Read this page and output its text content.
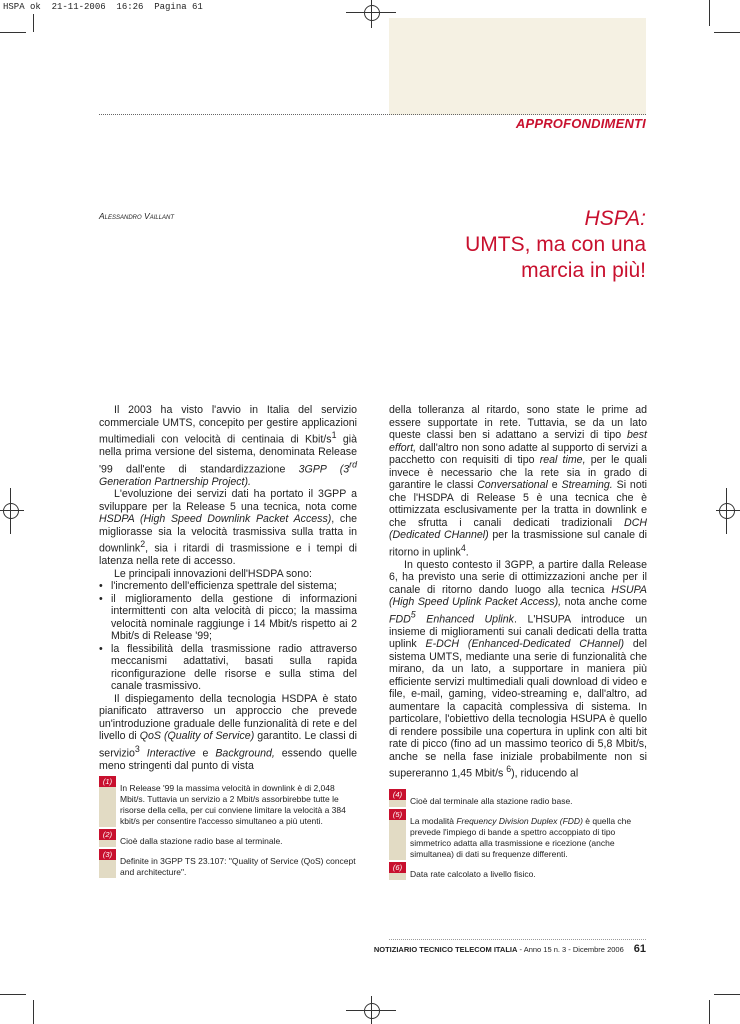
HSPA ok  21-11-2006  16:26  Pagina 61
APPROFONDIMENTI
Alessandro Vaillant	HSPA:
UMTS, ma con una
marcia in più!

Il 2003 ha visto l'avvio in Italia del servizio commerciale UMTS, concepito per gestire applicazioni multimediali con velocità di centinaia di Kbit/$s^1$ già nella prima versione del sistema, denominata Release '99 dall'ente di standardizzazione 3GPP (3rd Generation Partnership Project).

L'evoluzione dei servizi dati ha portato il 3GPP a sviluppare per la Release 5 una tecnica, nota come HSDPA (High Speed Downlink Packet Access), che migliorasse sia la velocità trasmissiva sulla tratta in downlink$^2$, sia i ritardi di trasmissione e i tempi di latenza nella rete di accesso.

Le principali innovazioni dell'HSDPA sono:

• l'incremento dell'efficienza spettrale del sistema;
• il miglioramento della gestione di informazioni intermittenti con alta velocità di picco; la massima velocità nominale raggiunge i 14 Mbit/s rispetto ai 2 Mbit/s di Release '99;
• la flessibilità della trasmissione radio attraverso meccanismi adattativi, basati sulla rapida riconfigurazione delle risorse e sulla stima del canale trasmissivo.

Il dispiegamento della tecnologia HSDPA è stato pianificato attraverso un approccio che prevede un'introduzione graduale delle funzionalità di rete e del livello di QoS (Quality of Service) garantito. Le classi di servizio$^3$ Interactive e Background, essendo quelle meno stringenti dal punto di vista

della tolleranza al ritardo, sono state le prime ad essere supportate in rete. Tuttavia, se da un lato queste classi ben si adattano a servizi di tipo best effort, dall'altro non sono adatte al supporto di servizi a pacchetto con requisiti di tipo real time, per le quali invece è necessario che la rete sia in grado di garantire le classi Conversational e Streaming. Si noti che l'HSDPA di Release 5 è una tecnica che è ottimizzata esclusivamente per la tratta in downlink e che sfrutta i canali dedicati tradizionali DCH (Dedicated CHannel) per la trasmissione sul canale di ritorno in uplink$^4$.

In questo contesto il 3GPP, a partire dalla Release 6, ha previsto una serie di ottimizzazioni anche per il canale di ritorno dando luogo alla tecnica HSUPA (High Speed Uplink Packet Access), nota anche come FDD$^5$ Enhanced Uplink. L'HSUPA introduce un insieme di miglioramenti sui canali dedicati della tratta uplink E-DCH (Enhanced-Dedicated CHannel) del sistema UMTS, mediante una serie di funzionalità che mirano, da un lato, a supportare in maniera più efficiente servizi multimediali quali download di video e file, e-mail, gaming, video-streaming e, dall'altro, ad aumentare la capacità complessiva di sistema. In particolare, l'obiettivo della tecnologia HSUPA è quello di rendere possibile una copertura in uplink con alti bit rate di picco (fino ad un massimo teorico di 5,8 Mbit/s, anche se nella fase iniziale probabilmente non si supereranno 1,45 Mbit/s $^6$), riducendo al

(1)
In Release '99 la massima velocità in downlink è di 2,048 Mbit/s. Tuttavia un servizio a 2 Mbit/s assorbirebbe tutte le risorse della cella, per cui conviene limitare la velocità a 384 kbit/s per consentire l'accesso simultaneo a più utenti.
(2)
Cioè dalla stazione radio base al terminale.
(3)
Definite in 3GPP TS 23.107: "Quality of Service (QoS) concept and architecture".
(4)
Cioè dal terminale alla stazione radio base.
(5)
La modalità Frequency Division Duplex (FDD) è quella che prevede l'impiego di bande a spettro accoppiato di tipo simmetrico adatta alla trasmissione e ricezione (anche simultanea) di dati su frequenze differenti.
(6)
Data rate calcolato a livello fisico.
NOTIZIARIO TECNICO TELECOM ITALIA - Anno 15 n. 3 - Dicembre 2006 61
